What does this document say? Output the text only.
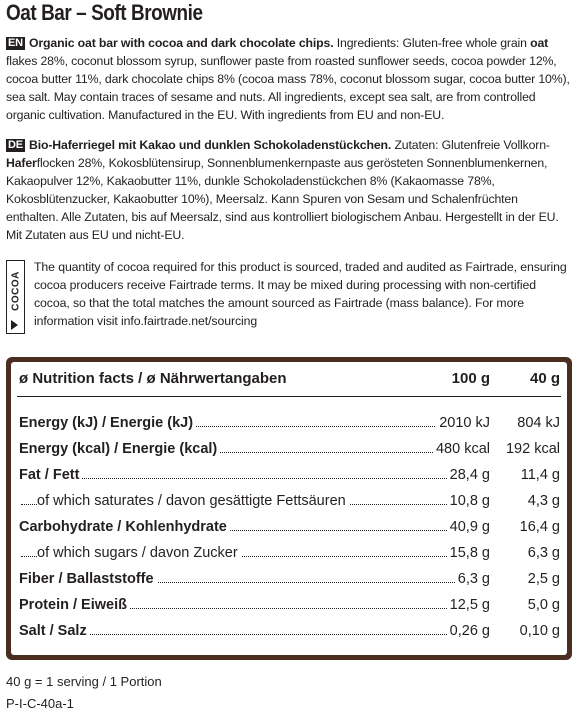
Oat Bar – Soft Brownie

EN Organic oat bar with cocoa and dark chocolate chips. Ingredients: Gluten-free whole grain oat flakes 28%, coconut blossom syrup, sunflower paste from roasted sunflower seeds, cocoa powder 12%, cocoa butter 11%, dark chocolate chips 8% (cocoa mass 78%, coconut blossom sugar, cocoa butter 10%), sea salt. May contain traces of sesame and nuts. All ingredients, except sea salt, are from controlled organic cultivation. Manufactured in the EU. With ingredients from EU and non-EU.

DE Bio-Haferriegel mit Kakao und dunklen Schokoladenstückchen. Zutaten: Glutenfreie Vollkorn-Haferflocken 28%, Kokosblütensirup, Sonnenblumenkernpaste aus gerösteten Sonnenblumenkernen, Kakaopulver 12%, Kakaobutter 11%, dunkle Schokoladenstückchen 8% (Kakaomasse 78%, Kokosblütenzucker, Kakaobutter 10%), Meersalz. Kann Spuren von Sesam und Schalenfrüchten enthalten. Alle Zutaten, bis auf Meersalz, sind aus kontrolliert biologischem Anbau. Hergestellt in der EU. Mit Zutaten aus EU und nicht-EU.

COCOA
The quantity of cocoa required for this product is sourced, traded and audited as Fairtrade, ensuring cocoa producers receive Fairtrade terms. It may be mixed during processing with non-certified cocoa, so that the total matches the amount sourced as Fairtrade (mass balance). For more information visit info.fairtrade.net/sourcing
ø Nutrition facts / ø Nährwertangaben	100 g	40 g
Energy (kJ) / Energie (kJ)	2010 kJ	804 kJ
Energy (kcal) / Energie (kcal)	480 kcal	192 kcal
Fat / Fett	28,4 g	11,4 g
of which saturates / davon gesättigte Fettsäuren	10,8 g	4,3 g
Carbohydrate / Kohlenhydrate	40,9 g	16,4 g
of which sugars / davon Zucker	15,8 g	6,3 g
Fiber / Ballaststoffe	6,3 g	2,5 g
Protein / Eiweiß	12,5 g	5,0 g
Salt / Salz	0,26 g	0,10 g
40 g = 1 serving / 1 Portion
P-I-C-40a-1
